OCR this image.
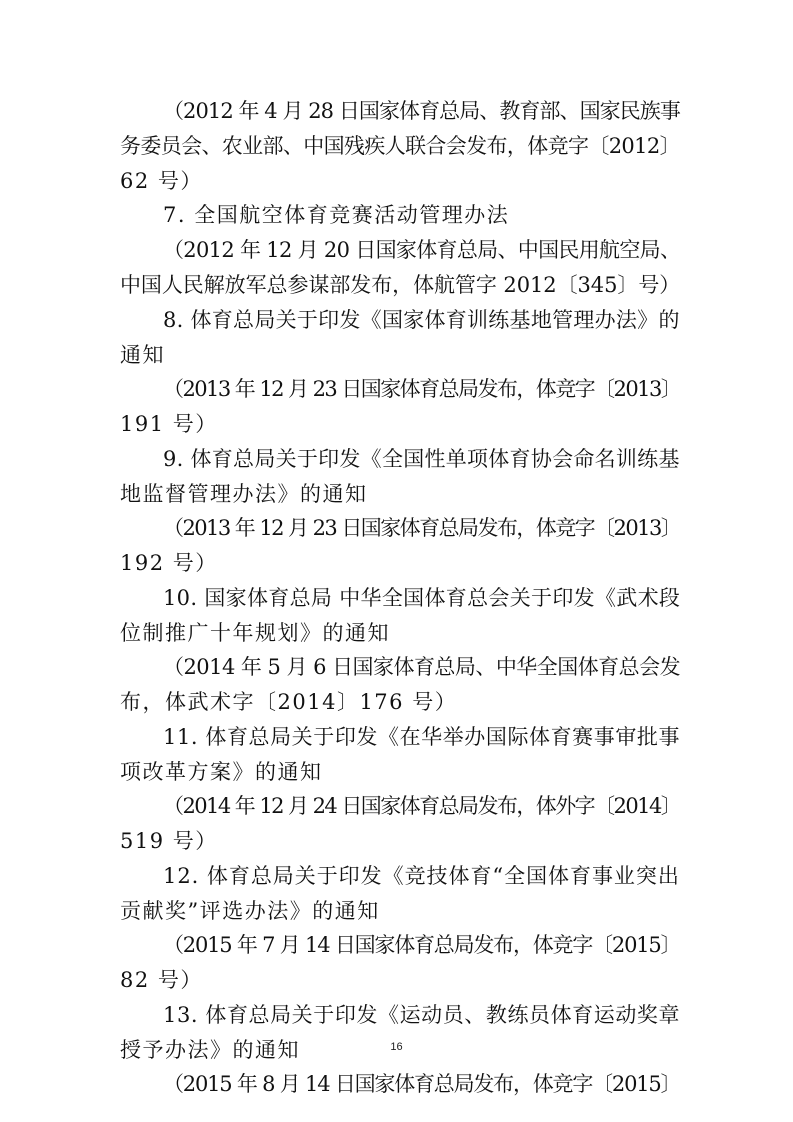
（2012 年 4 月 28 日国家体育总局、教育部、国家民族事
务委员会、农业部、中国残疾人联合会发布，体竞字〔2012〕
62 号）
7. 全国航空体育竞赛活动管理办法
（2012 年 12 月 20 日国家体育总局、中国民用航空局、
中国人民解放军总参谋部发布，体航管字 2012〔345〕号）
8. 体育总局关于印发《国家体育训练基地管理办法》的
通知
（2013 年 12 月 23 日国家体育总局发布，体竞字〔2013〕
191 号）
9. 体育总局关于印发《全国性单项体育协会命名训练基
地监督管理办法》的通知
（2013 年 12 月 23 日国家体育总局发布，体竞字〔2013〕
192 号）
10. 国家体育总局 中华全国体育总会关于印发《武术段
位制推广十年规划》的通知
（2014 年 5 月 6 日国家体育总局、中华全国体育总会发
布，体武术字〔2014〕176 号）
11. 体育总局关于印发《在华举办国际体育赛事审批事
项改革方案》的通知
（2014 年 12 月 24 日国家体育总局发布，体外字〔2014〕
519 号）
12. 体育总局关于印发《竞技体育“全国体育事业突出
贡献奖”评选办法》的通知
（2015 年 7 月 14 日国家体育总局发布，体竞字〔2015〕
82 号）
13. 体育总局关于印发《运动员、教练员体育运动奖章
授予办法》的通知
（2015 年 8 月 14 日国家体育总局发布，体竞字〔2015〕
16
